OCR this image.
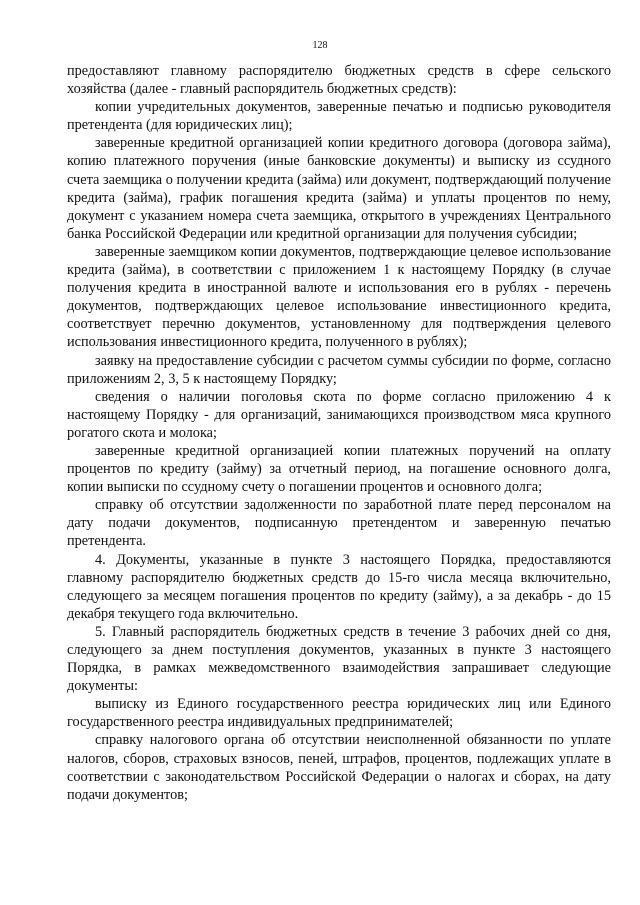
128

предоставляют главному распорядителю бюджетных средств в сфере сельского хозяйства (далее - главный распорядитель бюджетных средств):

копии учредительных документов, заверенные печатью и подписью руководителя претендента (для юридических лиц);

заверенные кредитной организацией копии кредитного договора (договора займа), копию платежного поручения (иные банковские документы) и выписку из ссудного счета заемщика о получении кредита (займа) или документ, подтверждающий получение кредита (займа), график погашения кредита (займа) и уплаты процентов по нему, документ с указанием номера счета заемщика, открытого в учреждениях Центрального банка Российской Федерации или кредитной организации для получения субсидии;

заверенные заемщиком копии документов, подтверждающие целевое использование кредита (займа), в соответствии с приложением 1 к настоящему Порядку (в случае получения кредита в иностранной валюте и использования его в рублях - перечень документов, подтверждающих целевое использование инвестиционного кредита, соответствует перечню документов, установленному для подтверждения целевого использования инвестиционного кредита, полученного в рублях);

заявку на предоставление субсидии с расчетом суммы субсидии по форме, согласно приложениям 2, 3, 5 к настоящему Порядку;

сведения о наличии поголовья скота по форме согласно приложению 4 к настоящему Порядку - для организаций, занимающихся производством мяса крупного рогатого скота и молока;

заверенные кредитной организацией копии платежных поручений на оплату процентов по кредиту (займу) за отчетный период, на погашение основного долга, копии выписки по ссудному счету о погашении процентов и основного долга;

справку об отсутствии задолженности по заработной плате перед персоналом на дату подачи документов, подписанную претендентом и заверенную печатью претендента.

4. Документы, указанные в пункте 3 настоящего Порядка, предоставляются главному распорядителю бюджетных средств до 15-го числа месяца включительно, следующего за месяцем погашения процентов по кредиту (займу), а за декабрь - до 15 декабря текущего года включительно.

5. Главный распорядитель бюджетных средств в течение 3 рабочих дней со дня, следующего за днем поступления документов, указанных в пункте 3 настоящего Порядка, в рамках межведомственного взаимодействия запрашивает следующие документы:

выписку из Единого государственного реестра юридических лиц или Единого государственного реестра индивидуальных предпринимателей;

справку налогового органа об отсутствии неисполненной обязанности по уплате налогов, сборов, страховых взносов, пеней, штрафов, процентов, подлежащих уплате в соответствии с законодательством Российской Федерации о налогах и сборах, на дату подачи документов;
